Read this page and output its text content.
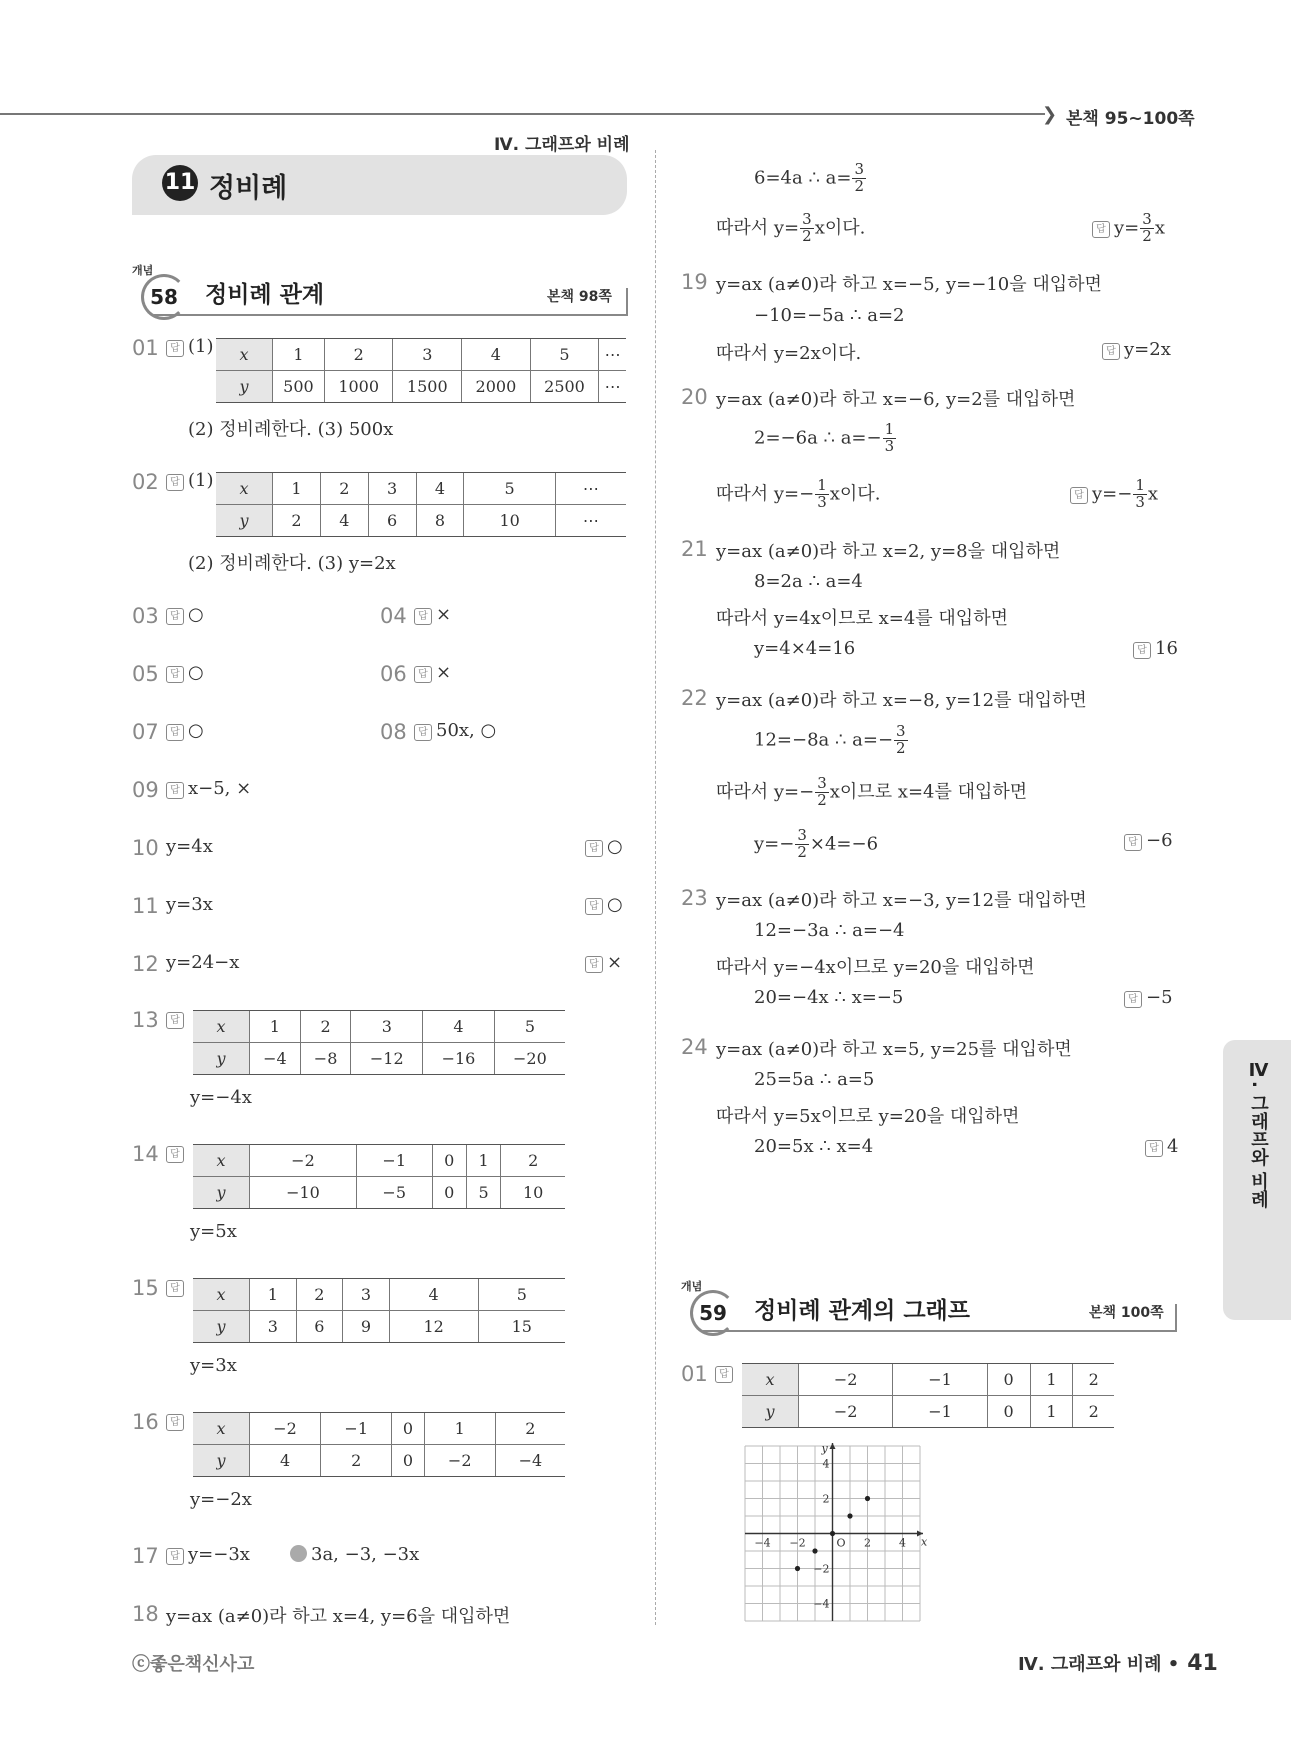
❯ 본책 95~100쪽
Ⅳ. 그래프와 비례
11 정비례
개념
58	정비례 관계	본책 98쪽
01	답 (1) x	1	2	3	4	5	⋯
y	500	1000	1500	2000	2500	⋯
(2) 정비례한다. (3) 500x
02	답 (1) x	1	2	3	4	5	⋯
y	2	4	6	8	10	⋯
(2) 정비례한다. (3) y=2x
03	답 ○	04	답 ×
05	답 ○	06	답 ×
07	답 ○	08	답 50x, ○
09	답 x−5, ×
10 y=4x	답 ○
11 y=3x	답 ○
12 y=24−x	답 ×
13	답	x	1	2	3	4	5
y	−4	−8	−12	−16	−20
y=−4x
14	답	x	−2	−1	0	1	2
y	−10	−5	0	5	10
y=5x
15	답	x	1	2	3	4	5
y	3	6	9	12	15
y=3x
16	답	x	−2	−1	0	1	2
y	4	2	0	−2	−4
y=−2x
17	답 y=−3x	3a, −3, −3x
18 y=ax (a≠0)라 하고 x=4, y=6을 대입하면
6=4a ∴ $a= \frac{3}{2}$
따라서 $y= \frac{3}{2}$ x이다.	답 $y= \frac{3}{2}$ x
19 y=ax (a≠0)라 하고 x=−5, y=−10을 대입하면
−10=−5a ∴ a=2
따라서 y=2x이다.	답 y=2x
20 y=ax (a≠0)라 하고 x=−6, y=2를 대입하면
2=−6a ∴ $a=- \frac{1}{3}$
따라서 $y=- \frac{1}{3}$ x이다.	답 $y=- \frac{1}{3}$ x
21 y=ax (a≠0)라 하고 x=2, y=8을 대입하면
8=2a ∴ a=4
따라서 y=4x이므로 x=4를 대입하면
y=4×4=16	답 16
22 y=ax (a≠0)라 하고 x=−8, y=12를 대입하면
12=−8a ∴ $a=- \frac{3}{2}$
따라서 $y=- \frac{3}{2}$ x이므로 x=4를 대입하면
$y=- \frac{3}{2} \times 4=-6$	답 −6
23 y=ax (a≠0)라 하고 x=−3, y=12를 대입하면
12=−3a ∴ a=−4
따라서 y=−4x이므로 y=20을 대입하면
20=−4x ∴ x=−5	답 −5
24 y=ax (a≠0)라 하고 x=5, y=25를 대입하면
25=5a ∴ a=5
따라서 y=5x이므로 y=20을 대입하면
20=5x ∴ x=4	답 4
개념
59	정비례 관계의 그래프	본책 100쪽
01	답	x	−2	−1	0	1	2
y	−2	−1	0	1	2
x
y
O
−4 −2	2	4
4
2
−2
−4
Ⅳ. 그래프와 비례
ⓒ좋은책신사고	Ⅳ. 그래프와 비례 • 41
